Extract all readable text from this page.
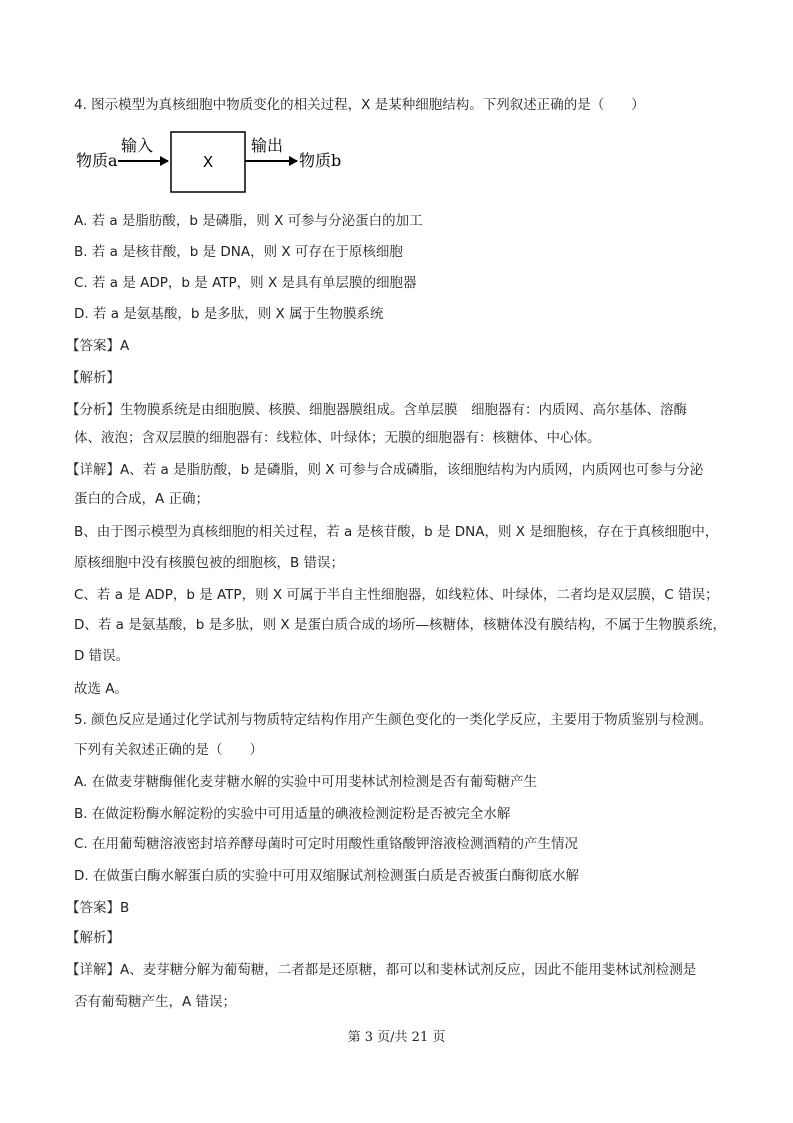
4. 图示模型为真核细胞中物质变化的相关过程，X 是某种细胞结构。下列叙述正确的是（　　）
物质a
输入
X
输出
物质b
A. 若 a 是脂肪酸，b 是磷脂，则 X 可参与分泌蛋白的加工
B. 若 a 是核苷酸，b 是 DNA，则 X 可存在于原核细胞
C. 若 a 是 ADP，b 是 ATP，则 X 是具有单层膜的细胞器
D. 若 a 是氨基酸，b 是多肽，则 X 属于生物膜系统
【答案】A
【解析】
【分析】生物膜系统是由细胞膜、核膜、细胞器膜组成。含单层膜　细胞器有：内质网、高尔基体、溶酶
体、液泡；含双层膜的细胞器有：线粒体、叶绿体；无膜的细胞器有：核糖体、中心体。
【详解】A、若 a 是脂肪酸，b 是磷脂，则 X 可参与合成磷脂，该细胞结构为内质网，内质网也可参与分泌
蛋白的合成，A 正确；
B、由于图示模型为真核细胞的相关过程，若 a 是核苷酸，b 是 DNA，则 X 是细胞核，存在于真核细胞中，
原核细胞中没有核膜包被的细胞核，B 错误；
C、若 a 是 ADP，b 是 ATP，则 X 可属于半自主性细胞器，如线粒体、叶绿体，二者均是双层膜，C 错误；
D、若 a 是氨基酸，b 是多肽，则 X 是蛋白质合成的场所—核糖体，核糖体没有膜结构，不属于生物膜系统，
D 错误。
故选 A。
5. 颜色反应是通过化学试剂与物质特定结构作用产生颜色变化的一类化学反应，主要用于物质鉴别与检测。
下列有关叙述正确的是（　　）
A. 在做麦芽糖酶催化麦芽糖水解的实验中可用斐林试剂检测是否有葡萄糖产生
B. 在做淀粉酶水解淀粉的实验中可用适量的碘液检测淀粉是否被完全水解
C. 在用葡萄糖溶液密封培养酵母菌时可定时用酸性重铬酸钾溶液检测酒精的产生情况
D. 在做蛋白酶水解蛋白质的实验中可用双缩脲试剂检测蛋白质是否被蛋白酶彻底水解
【答案】B
【解析】
【详解】A、麦芽糖分解为葡萄糖，二者都是还原糖，都可以和斐林试剂反应，因此不能用斐林试剂检测是
否有葡萄糖产生，A 错误；
第 3 页/共 21 页
